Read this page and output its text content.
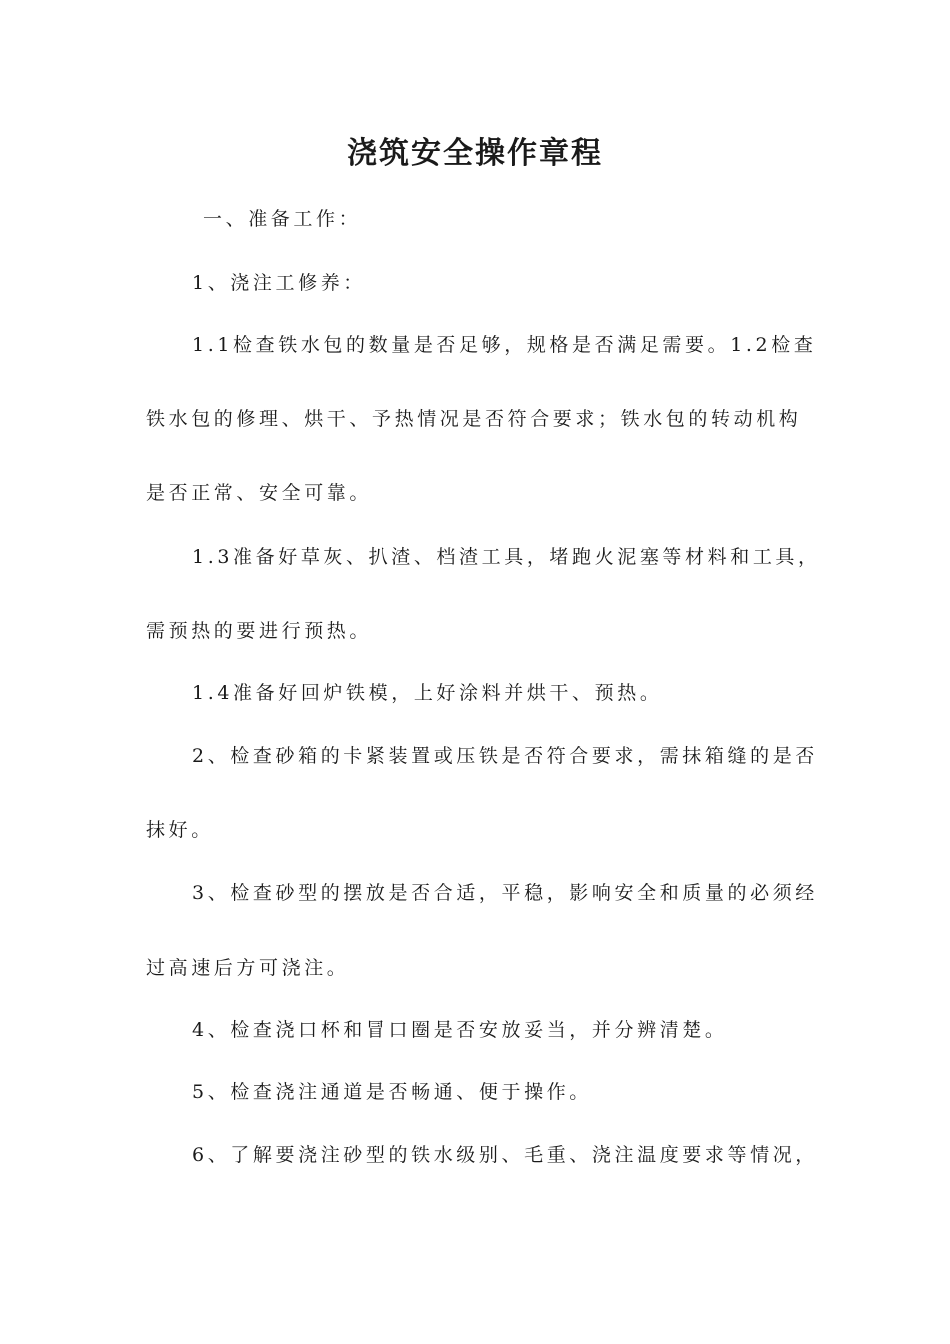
浇筑安全操作章程

一、准备工作：

1、浇注工修养：

1.1检查铁水包的数量是否足够，规格是否满足需要。1.2检查

铁水包的修理、烘干、予热情况是否符合要求；铁水包的转动机构

是否正常、安全可靠。

1.3准备好草灰、扒渣、档渣工具，堵跑火泥塞等材料和工具，

需预热的要进行预热。

1.4准备好回炉铁模，上好涂料并烘干、预热。

2、检查砂箱的卡紧装置或压铁是否符合要求，需抹箱缝的是否

抹好。

3、检查砂型的摆放是否合适，平稳，影响安全和质量的必须经

过高速后方可浇注。

4、检查浇口杯和冒口圈是否安放妥当，并分辨清楚。

5、检查浇注通道是否畅通、便于操作。

6、了解要浇注砂型的铁水级别、毛重、浇注温度要求等情况，
